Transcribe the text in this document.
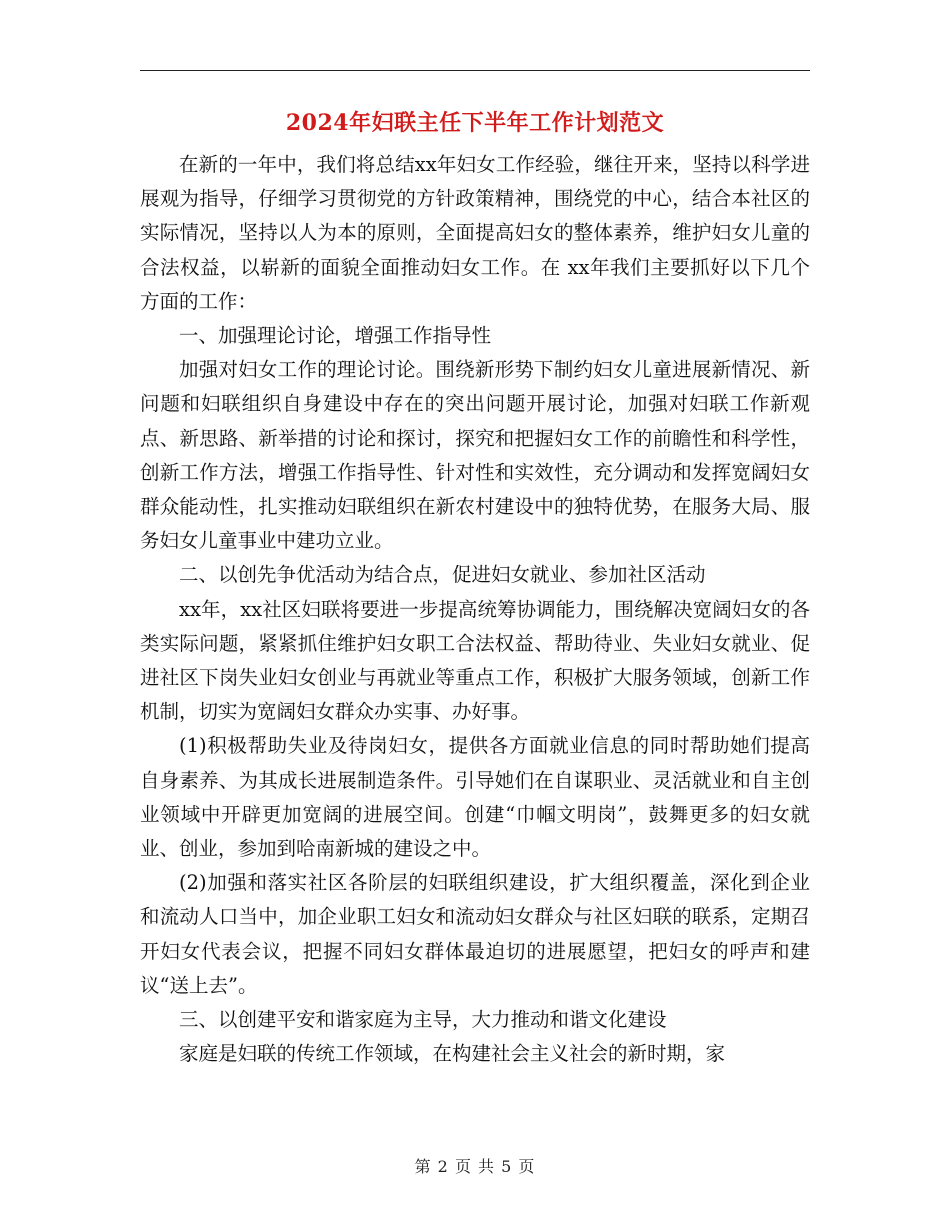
2024年妇联主任下半年工作计划范文

在新的一年中，我们将总结xx年妇女工作经验，继往开来，坚持以科学进展观为指导，仔细学习贯彻党的方针政策精神，围绕党的中心，结合本社区的实际情况，坚持以人为本的原则，全面提高妇女的整体素养，维护妇女儿童的合法权益，以崭新的面貌全面推动妇女工作。在 xx年我们主要抓好以下几个方面的工作：

一、加强理论讨论，增强工作指导性

加强对妇女工作的理论讨论。围绕新形势下制约妇女儿童进展新情况、新问题和妇联组织自身建设中存在的突出问题开展讨论，加强对妇联工作新观点、新思路、新举措的讨论和探讨，探究和把握妇女工作的前瞻性和科学性，创新工作方法，增强工作指导性、针对性和实效性，充分调动和发挥宽阔妇女群众能动性，扎实推动妇联组织在新农村建设中的独特优势，在服务大局、服务妇女儿童事业中建功立业。

二、以创先争优活动为结合点，促进妇女就业、参加社区活动

xx年，xx社区妇联将要进一步提高统筹协调能力，围绕解决宽阔妇女的各类实际问题，紧紧抓住维护妇女职工合法权益、帮助待业、失业妇女就业、促进社区下岗失业妇女创业与再就业等重点工作，积极扩大服务领域，创新工作机制，切实为宽阔妇女群众办实事、办好事。

(1)积极帮助失业及待岗妇女，提供各方面就业信息的同时帮助她们提高自身素养、为其成长进展制造条件。引导她们在自谋职业、灵活就业和自主创业领域中开辟更加宽阔的进展空间。创建“巾帼文明岗”，鼓舞更多的妇女就业、创业，参加到哈南新城的建设之中。

(2)加强和落实社区各阶层的妇联组织建设，扩大组织覆盖，深化到企业和流动人口当中，加企业职工妇女和流动妇女群众与社区妇联的联系，定期召开妇女代表会议，把握不同妇女群体最迫切的进展愿望，把妇女的呼声和建议“送上去”。

三、以创建平安和谐家庭为主导，大力推动和谐文化建设

家庭是妇联的传统工作领域，在构建社会主义社会的新时期，家

第 2 页 共 5 页
